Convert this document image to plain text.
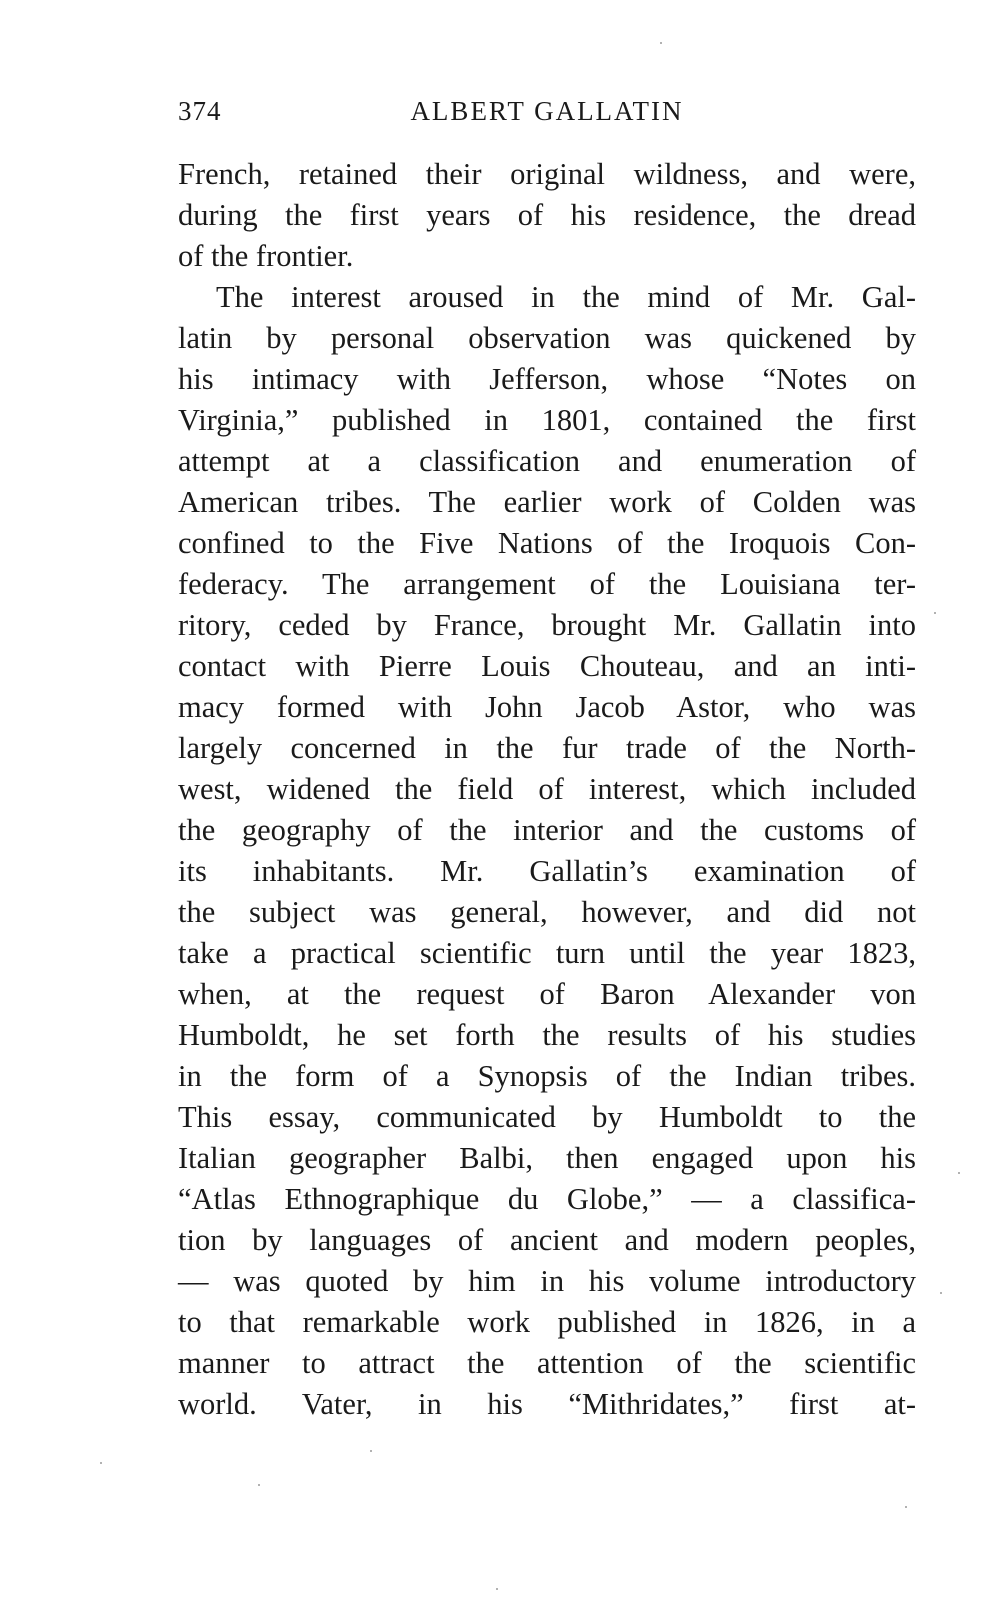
374	ALBERT GALLATIN
French, retained their original wildness, and were,
during the first years of his residence, the dread
of the frontier.
The interest aroused in the mind of Mr. Gal-
latin by personal observation was quickened by
his intimacy with Jefferson, whose “Notes on
Virginia,” published in 1801, contained the first
attempt at a classification and enumeration of
American tribes. The earlier work of Colden was
confined to the Five Nations of the Iroquois Con-
federacy. The arrangement of the Louisiana ter-
ritory, ceded by France, brought Mr. Gallatin into
contact with Pierre Louis Chouteau, and an inti-
macy formed with John Jacob Astor, who was
largely concerned in the fur trade of the North-
west, widened the field of interest, which included
the geography of the interior and the customs of
its inhabitants. Mr. Gallatin’s examination of
the subject was general, however, and did not
take a practical scientific turn until the year 1823,
when, at the request of Baron Alexander von
Humboldt, he set forth the results of his studies
in the form of a Synopsis of the Indian tribes.
This essay, communicated by Humboldt to the
Italian geographer Balbi, then engaged upon his
“Atlas Ethnographique du Globe,” — a classifica-
tion by languages of ancient and modern peoples,
— was quoted by him in his volume introductory
to that remarkable work published in 1826, in a
manner to attract the attention of the scientific
world. Vater, in his “Mithridates,” first at-
